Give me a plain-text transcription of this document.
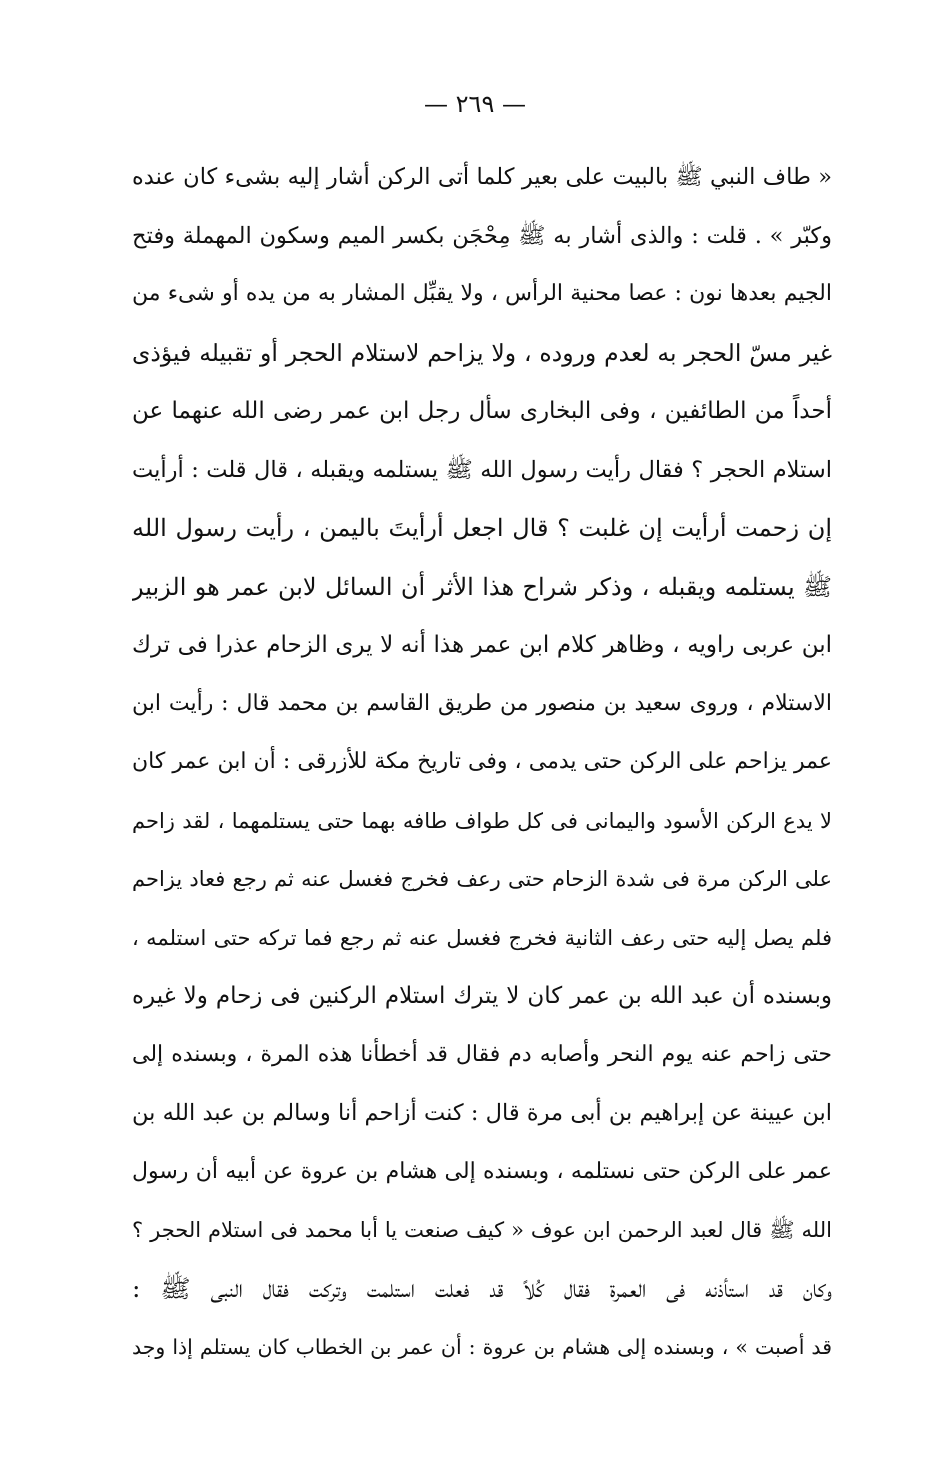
— ٢٦٩ —
« طاف النبي ﷺ بالبيت على بعير كلما أتى الركن أشار إليه بشىء كان عنده
وكبّر » . قلت : والذى أشار به ﷺ مِحْجَن بكسر الميم وسكون المهملة وفتح
الجيم بعدها نون : عصا محنية الرأس ، ولا يقبِّل المشار به من يده أو شىء من
غير مسّ الحجر به لعدم وروده ، ولا يزاحم لاستلام الحجر أو تقبيله فيؤذى
أحداً من الطائفين ، وفى البخارى سأل رجل ابن عمر رضى الله عنهما عن
استلام الحجر ؟ فقال رأيت رسول الله ﷺ يستلمه ويقبله ، قال قلت : أرأيت
إن زحمت أرأيت إن غلبت ؟ قال اجعل أرأيتَ باليمن ، رأيت رسول الله
ﷺ يستلمه ويقبله ، وذكر شراح هذا الأثر أن السائل لابن عمر هو الزبير
ابن عربى راويه ، وظاهر كلام ابن عمر هذا أنه لا يرى الزحام عذرا فى ترك
الاستلام ، وروى سعيد بن منصور من طريق القاسم بن محمد قال : رأيت ابن
عمر يزاحم على الركن حتى يدمى ، وفى تاريخ مكة للأزرقى : أن ابن عمر كان
لا يدع الركن الأسود واليمانى فى كل طواف طافه بهما حتى يستلمهما ، لقد زاحم
على الركن مرة فى شدة الزحام حتى رعف فخرج فغسل عنه ثم رجع فعاد يزاحم
فلم يصل إليه حتى رعف الثانية فخرج فغسل عنه ثم رجع فما تركه حتى استلمه ،
وبسنده أن عبد الله بن عمر كان لا يترك استلام الركنين فى زحام ولا غيره
حتى زاحم عنه يوم النحر وأصابه دم فقال قد أخطأنا هذه المرة ، وبسنده إلى
ابن عيينة عن إبراهيم بن أبى مرة قال : كنت أزاحم أنا وسالم بن عبد الله بن
عمر على الركن حتى نستلمه ، وبسنده إلى هشام بن عروة عن أبيه أن رسول
الله ﷺ قال لعبد الرحمن ابن عوف « كيف صنعت يا أبا محمد فى استلام الحجر ؟
وكان قد استأذنه فى العمرة فقال كُلاً قد فعلت استلمت وتركت فقال النبى ﷺ :
قد أصبت » ، وبسنده إلى هشام بن عروة : أن عمر بن الخطاب كان يستلم إذا وجد
